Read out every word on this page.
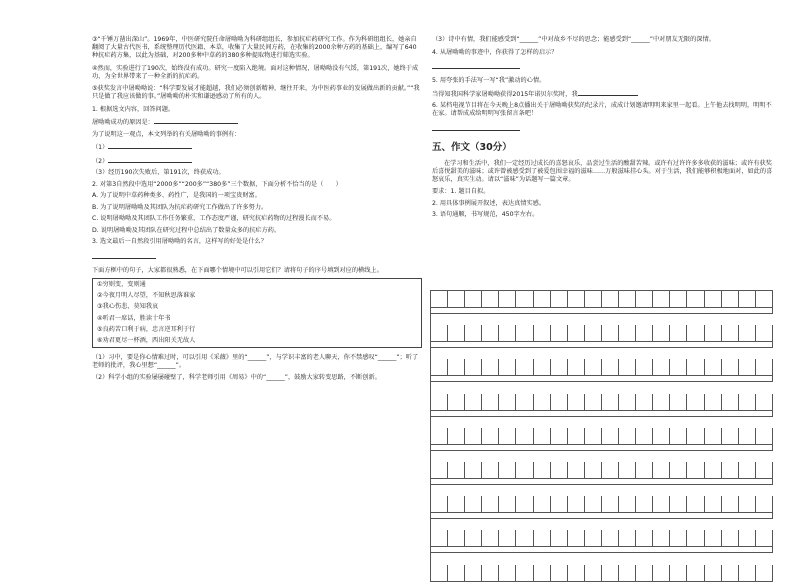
③“千锤万凿出深山”。1969年，中医研究院任命屠呦呦为科研组组长，参加抗疟药研究工作。作为科研组组长，她亲自翻阅了大量古代医书，系统整理历代医籍、本草，收集了大量民间方药，在收集的2000余种方药的基础上，编写了640种抗疟药方集，以此为基础，对200多种中草药的380多种提取物进行筛选实验。

④然而，实验进行了190次，始终没有成功。研究一度陷入绝境。面对这种情况，屠呦呦没有气馁，第191次，她终于成功，为全世界带来了一种全新的抗疟药。

⑤获奖发言中屠呦呦说：“科学要发展才能超越，我们必须创新精神，继往开来，为中医药事业的发展做出新的贡献。”“我只是做了我应该做的事。”屠呦呦的朴实和谦逊感动了所有的人。

1. 根据选文内容，回答问题。

屠呦呦成功的原因是：

为了说明这一观点，本文列举的有关屠呦呦的事例有：

（1）

（2）

（3）经历190次失败后，第191次，终获成功。

2. 对第3自然段中选用“2000多”“200多”“380多”三个数据，下面分析不恰当的是（　　）

A. 为了说明中草药种类多、药性广，是我国的一项宝贵财富。

B. 为了说明屠呦呦及其团队为抗疟药研究工作做出了许多努力。

C. 说明屠呦呦及其团队工作任务繁重，工作态度严谨，研究抗疟药物的过程漫长而不易。

D. 说明屠呦呦及其团队在研究过程中总结出了数量众多的抗疟方药。

3. 选文最后一自然段引用屠呦呦的名言，这样写的好处是什么？

下面方框中的句子，大家都很熟悉，在下面哪个情境中可以引用它们？请将句子的序号填到对应的横线上。

①穷则变，变则通

②今夜月明人尽望，不知秋思落谁家

③我心伤悲，莫知我哀

④听君一席话，胜读十年书

⑤良药苦口利于病，忠言逆耳利于行

⑥劝君更尽一杯酒，西出阳关无故人

（1）习中，要是你心情难过时，可以引用《采薇》里的“______”，与学识丰富的老人聊天，你不禁感叹“______”；听了老师的批评，我心里想“______”。

（2）科学小组的实验屡屡碰壁了，科学老师引用《周易》中的“______”，鼓励大家转变思路，不断创新。

（3）诗中有情，我们能感受到“______”中对故乡不尽的思念；能感受到“______”中对朋友无限的深情。

4. 从屠呦呦的事迹中，你获得了怎样的启示？

5. 用夸张的手法写一写“我”激动的心情。

当得知我国科学家屠呦呦获得2015年诺贝尔奖时，我

6. 某档电视节目将在今天晚上8点播出关于屠呦呦获奖的纪录片，成成计划邀请明明来家里一起看。上午他去找明明，明明不在家。请帮成成给明明写张留言条吧！

五、作文（30分）

在学习和生活中，我们一定经历过成长的喜怒哀乐，品尝过生活的酸甜苦辣。或许有过许许多多收获的滋味；或许有获奖后喜悦甜美的滋味；或许曾被感受到了被爱包围幸福的滋味……万般滋味挂心头。对于生活，我们能够积极地面对，如此的喜怒哀乐，真实生动。请以“滋味”为话题写一篇文章。

要求：1. 题目自拟。

2. 用具体事例展开叙述，表达真情实感。

3. 语句通顺，书写规范，450字左右。
